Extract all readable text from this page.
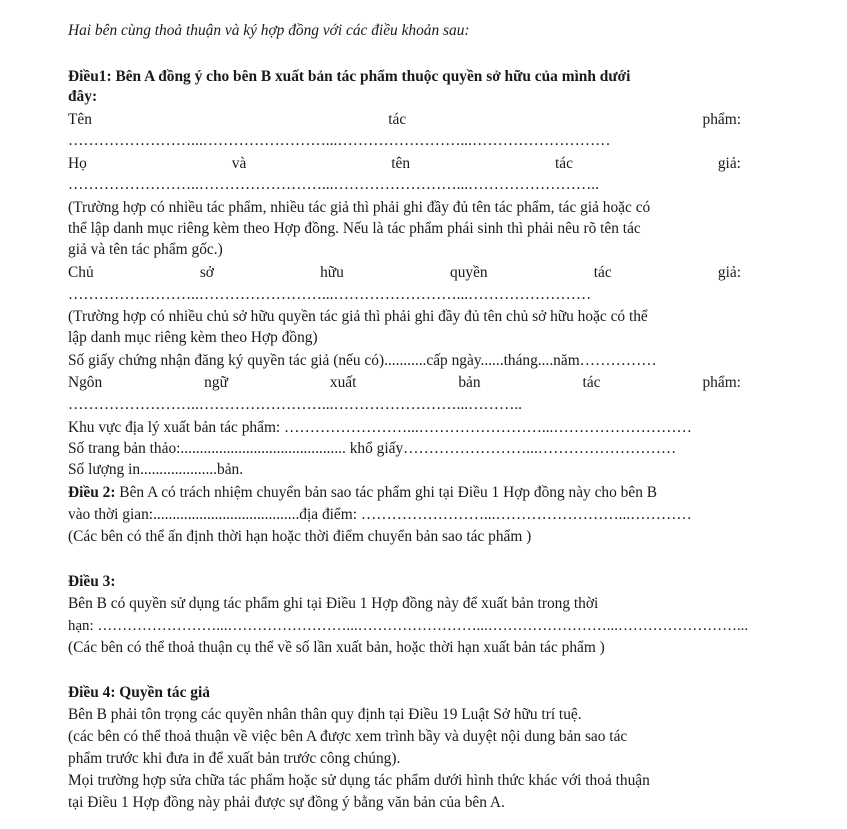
Hai bên cùng thoả thuận và ký hợp đồng với các điều khoản sau:
Điều1: Bên A đồng ý cho bên B xuất bản tác phẩm thuộc quyền sở hữu của mình dưới
đây:
Tên	tác	phẩm:
……………………...……………………...……………………...………………………
Họ	và	tên	tác	giả:
……………………..……………………...……………………...……………………..
(Trường hợp có nhiều tác phẩm, nhiều tác giả thì phải ghi đầy đủ tên tác phẩm, tác giả hoặc có
thể lập danh mục riêng kèm theo Hợp đồng. Nếu là tác phẩm phái sinh thì phải nêu rõ tên tác
giả và tên tác phẩm gốc.)
Chủ	sở	hữu	quyền	tác	giả:
……………………..……………………...……………………...……………………
(Trường hợp có nhiều chủ sở hữu quyền tác giả thì phải ghi đầy đủ tên chủ sở hữu hoặc có thể
lập danh mục riêng kèm theo Hợp đồng)
Số giấy chứng nhận đăng ký quyền tác giả (nếu có)...........cấp ngày......tháng....năm……………
Ngôn	ngữ	xuất	bản	tác	phẩm:
……………………..……………………...……………………...………..
Khu vực địa lý xuất bản tác phẩm: ……………………...……………………...………………………
Số trang bản thảo:........................................... khổ giấy……………………...………………………
Số lượng in....................bản.
Điều 2: Bên A có trách nhiệm chuyển bản sao tác phẩm ghi tại Điều 1 Hợp đồng này cho bên B
vào thời gian:......................................địa điểm: ……………………...……………………...…………
(Các bên có thể ấn định thời hạn hoặc thời điểm chuyển bản sao tác phẩm )
Điều 3:
Bên B có quyền sử dụng tác phẩm ghi tại Điều 1 Hợp đồng này để xuất bản trong thời
hạn: ……………………...……………………...……………………...……………………...……………………...
(Các bên có thể thoả thuận cụ thể về số lần xuất bản, hoặc thời hạn xuất bản tác phẩm )
Điều 4: Quyền tác giả
Bên B phải tôn trọng các quyền nhân thân quy định tại Điều 19 Luật Sở hữu trí tuệ.
(các bên có thể thoả thuận về việc bên A được xem trình bầy và duyệt nội dung bản sao tác
phẩm trước khi đưa in để xuất bản trước công chúng).
Mọi trường hợp sửa chữa tác phẩm hoặc sử dụng tác phẩm dưới hình thức khác với thoả thuận
tại Điều 1 Hợp đồng này phải được sự đồng ý bằng văn bản của bên A.
